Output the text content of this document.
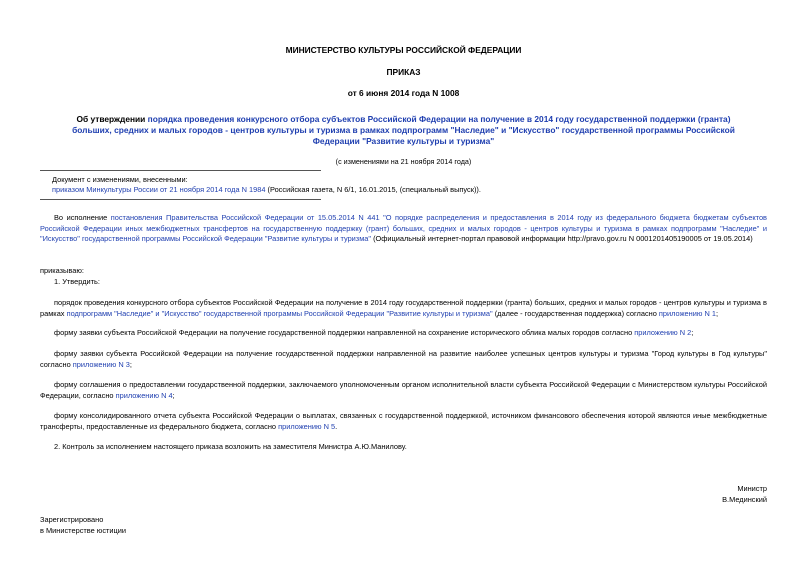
МИНИСТЕРСТВО КУЛЬТУРЫ РОССИЙСКОЙ ФЕДЕРАЦИИ
ПРИКАЗ
от 6 июня 2014 года N 1008
Об утверждении порядка проведения конкурсного отбора субъектов Российской Федерации на получение в 2014 году государственной поддержки (гранта) больших, средних и малых городов - центров культуры и туризма в рамках подпрограмм "Наследие" и "Искусство" государственной программы Российской Федерации "Развитие культуры и туризма"
(с изменениями на 21 ноября 2014 года)
Документ с изменениями, внесенными:
приказом Минкультуры России от 21 ноября 2014 года N 1984 (Российская газета, N 6/1, 16.01.2015, (специальный выпуск)).
Во исполнение постановления Правительства Российской Федерации от 15.05.2014 N 441 "О порядке распределения и предоставления в 2014 году из федерального бюджета бюджетам субъектов Российской Федерации иных межбюджетных трансфертов на государственную поддержку (грант) больших, средних и малых городов - центров культуры и туризма в рамках подпрограмм "Наследие" и "Искусство" государственной программы Российской Федерации "Развитие культуры и туризма" (Официальный интернет-портал правовой информации http://pravo.gov.ru N 0001201405190005 от 19.05.2014)
приказываю:
1. Утвердить:
порядок проведения конкурсного отбора субъектов Российской Федерации на получение в 2014 году государственной поддержки (гранта) больших, средних и малых городов - центров культуры и туризма в рамках подпрограмм "Наследие" и "Искусство" государственной программы Российской Федерации "Развитие культуры и туризма" (далее - государственная поддержка) согласно приложению N 1;
форму заявки субъекта Российской Федерации на получение государственной поддержки направленной на сохранение исторического облика малых городов согласно приложению N 2;
форму заявки субъекта Российской Федерации на получение государственной поддержки направленной на развитие наиболее успешных центров культуры и туризма "Город культуры в Год культуры" согласно приложению N 3;
форму соглашения о предоставлении государственной поддержки, заключаемого уполномоченным органом исполнительной власти субъекта Российской Федерации с Министерством культуры Российской Федерации, согласно приложению N 4;
форму консолидированного отчета субъекта Российской Федерации о выплатах, связанных с государственной поддержкой, источником финансового обеспечения которой являются иные межбюджетные трансферты, предоставленные из федерального бюджета, согласно приложению N 5.
2. Контроль за исполнением настоящего приказа возложить на заместителя Министра А.Ю.Манилову.
Министр
В.Мединский
Зарегистрировано
в Министерстве юстиции
